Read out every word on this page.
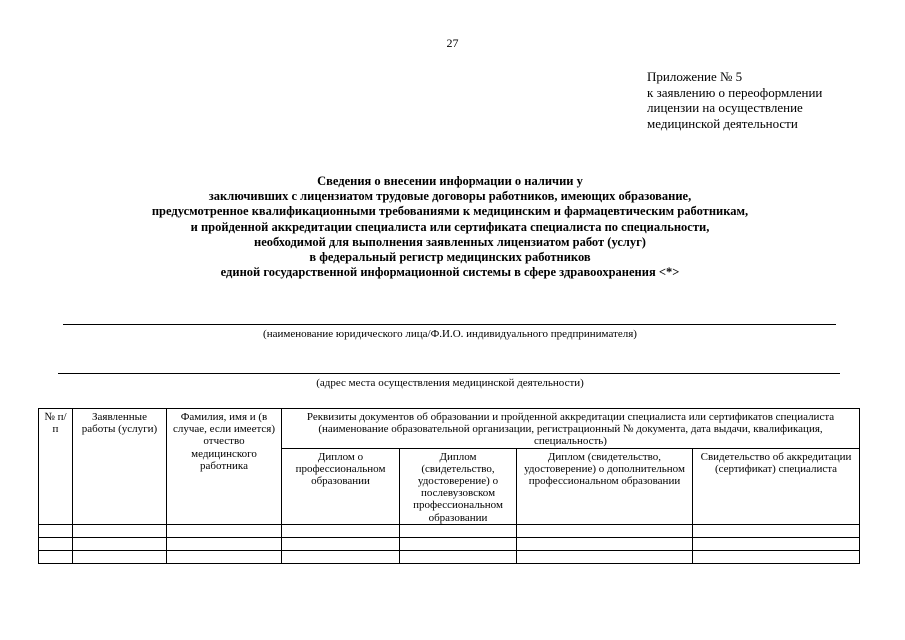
27
Приложение № 5
к заявлению о переоформлении
лицензии на осуществление
медицинской деятельности
Сведения о внесении информации о наличии у
заключивших с лицензиатом трудовые договоры работников, имеющих образование,
предусмотренное квалификационными требованиями к медицинским и фармацевтическим работникам,
и пройденной аккредитации специалиста или сертификата специалиста по специальности,
необходимой для выполнения заявленных лицензиатом работ (услуг)
в федеральный регистр медицинских работников
единой государственной информационной системы в сфере здравоохранения <*>
(наименование юридического лица/Ф.И.О. индивидуального предпринимателя)
(адрес места осуществления медицинской деятельности)
№ п/п	Заявленные работы (услуги)	Фамилия, имя и (в случае, если имеется) отчество медицинского работника	Реквизиты документов об образовании и пройденной аккредитации специалиста или сертификатов специалиста (наименование образовательной организации, регистрационный № документа, дата выдачи, квалификация, специальность)			
			Диплом о профессиональном образовании	Диплом (свидетельство, удостоверение) о послевузовском профессиональном образовании	Диплом (свидетельство, удостоверение) о дополнительном профессиональном образовании	Свидетельство об аккредитации (сертификат) специалиста
